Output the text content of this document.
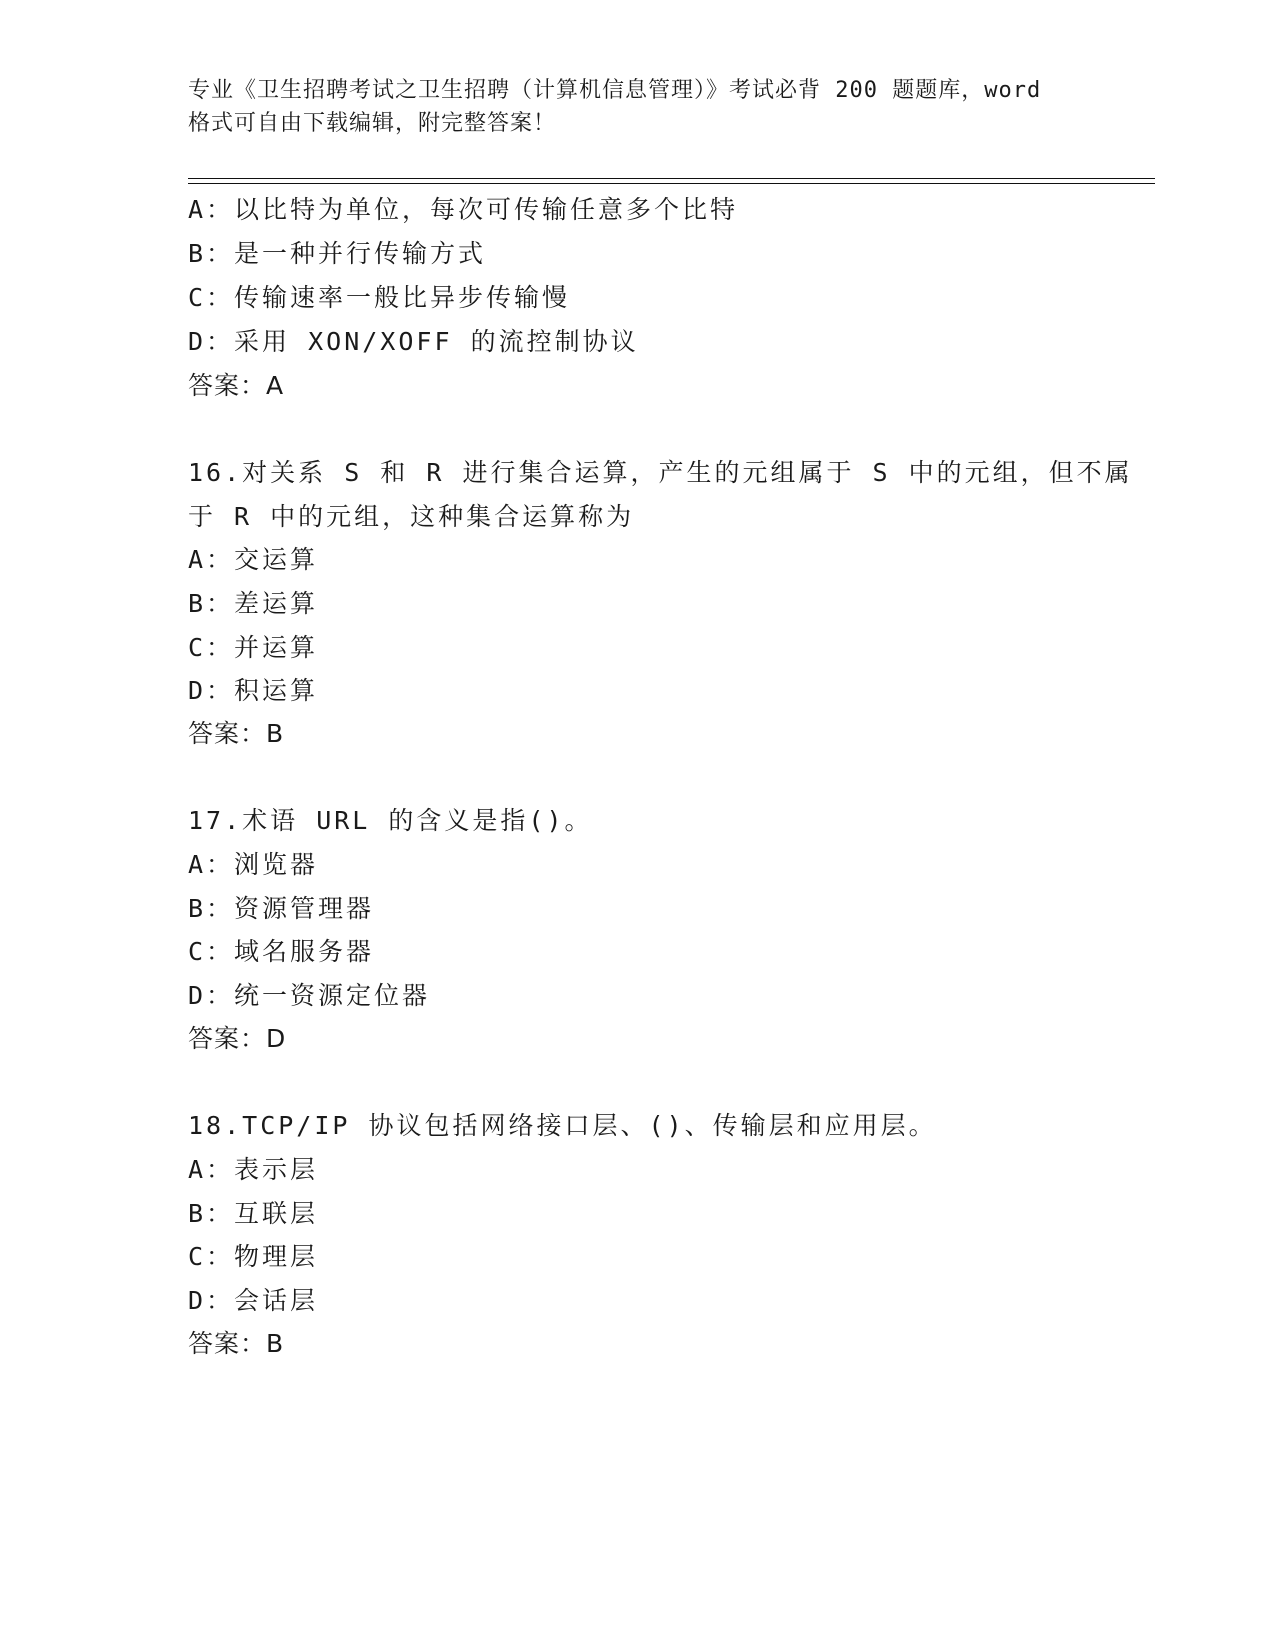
专业《卫生招聘考试之卫生招聘（计算机信息管理）》考试必背 200 题题库，word
格式可自由下载编辑，附完整答案！
A：以比特为单位，每次可传输任意多个比特
B：是一种并行传输方式
C：传输速率一般比异步传输慢
D：采用 XON/XOFF 的流控制协议
答案：A
16.对关系 S 和 R 进行集合运算，产生的元组属于 S 中的元组，但不属
于 R 中的元组，这种集合运算称为
A：交运算
B：差运算
C：并运算
D：积运算
答案：B
17.术语 URL 的含义是指()。
A：浏览器
B：资源管理器
C：域名服务器
D：统一资源定位器
答案：D
18.TCP/IP 协议包括网络接口层、()、传输层和应用层。
A：表示层
B：互联层
C：物理层
D：会话层
答案：B
